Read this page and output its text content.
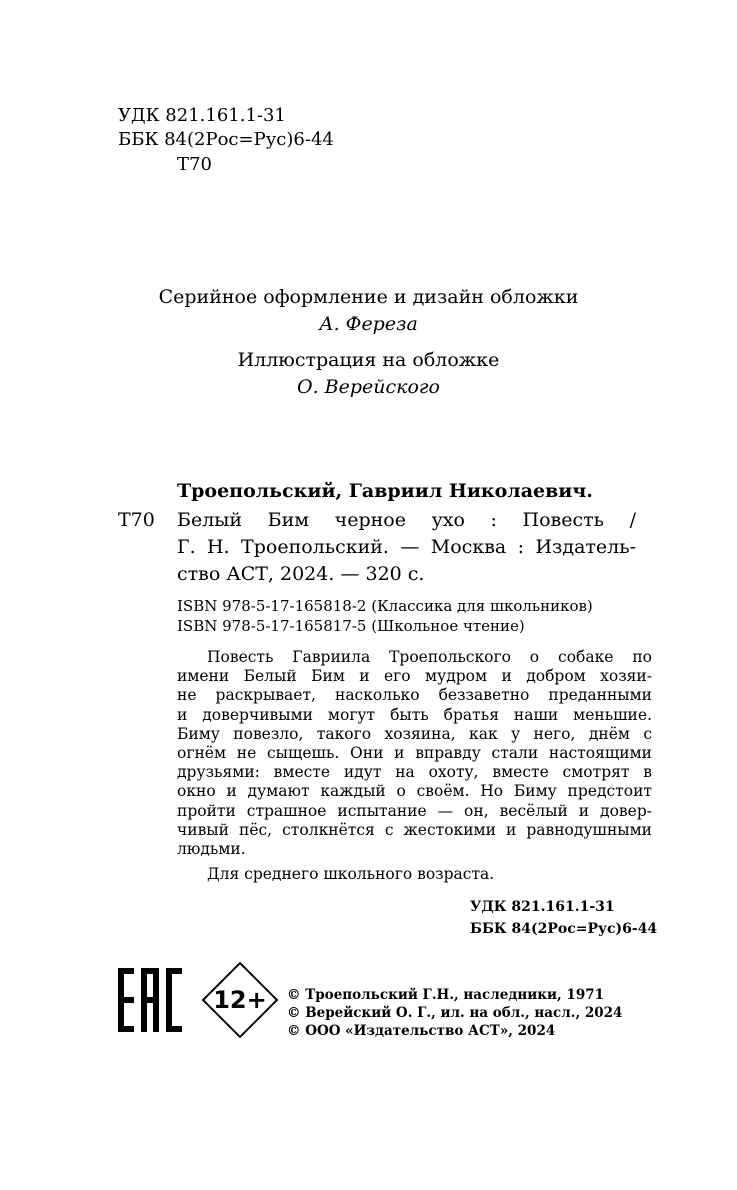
УДК 821.161.1-31
ББК 84(2Рос=Рус)6-44
Т70
Серийное оформление и дизайн обложки
А. Фереза
Иллюстрация на обложке
О. Верейского
Троепольский, Гавриил Николаевич.
Т70 Белый Бим черное ухо : Повесть /
Г. Н. Троепольский. — Москва : Издатель-
ство АСТ, 2024. — 320 с.
ISBN 978-5-17-165818-2 (Классика для школьников)
ISBN 978-5-17-165817-5 (Школьное чтение)
Повесть Гавриила Троепольского о собаке по
имени Белый Бим и его мудром и добром хозяи-
не раскрывает, насколько беззаветно преданными
и доверчивыми могут быть братья наши меньшие.
Биму повезло, такого хозяина, как у него, днём с
огнём не сыщешь. Они и вправду стали настоящими
друзьями: вместе идут на охоту, вместе смотрят в
окно и думают каждый о своём. Но Биму предстоит
пройти страшное испытание — он, весёлый и довер-
чивый пёс, столкнётся с жестокими и равнодушными
людьми.
Для среднего школьного возраста.
УДК 821.161.1-31
ББК 84(2Рос=Рус)6-44
12+ © Троепольский Г.Н., наследники, 1971
© Верейский О. Г., ил. на обл., насл., 2024
© ООО «Издательство АСТ», 2024
